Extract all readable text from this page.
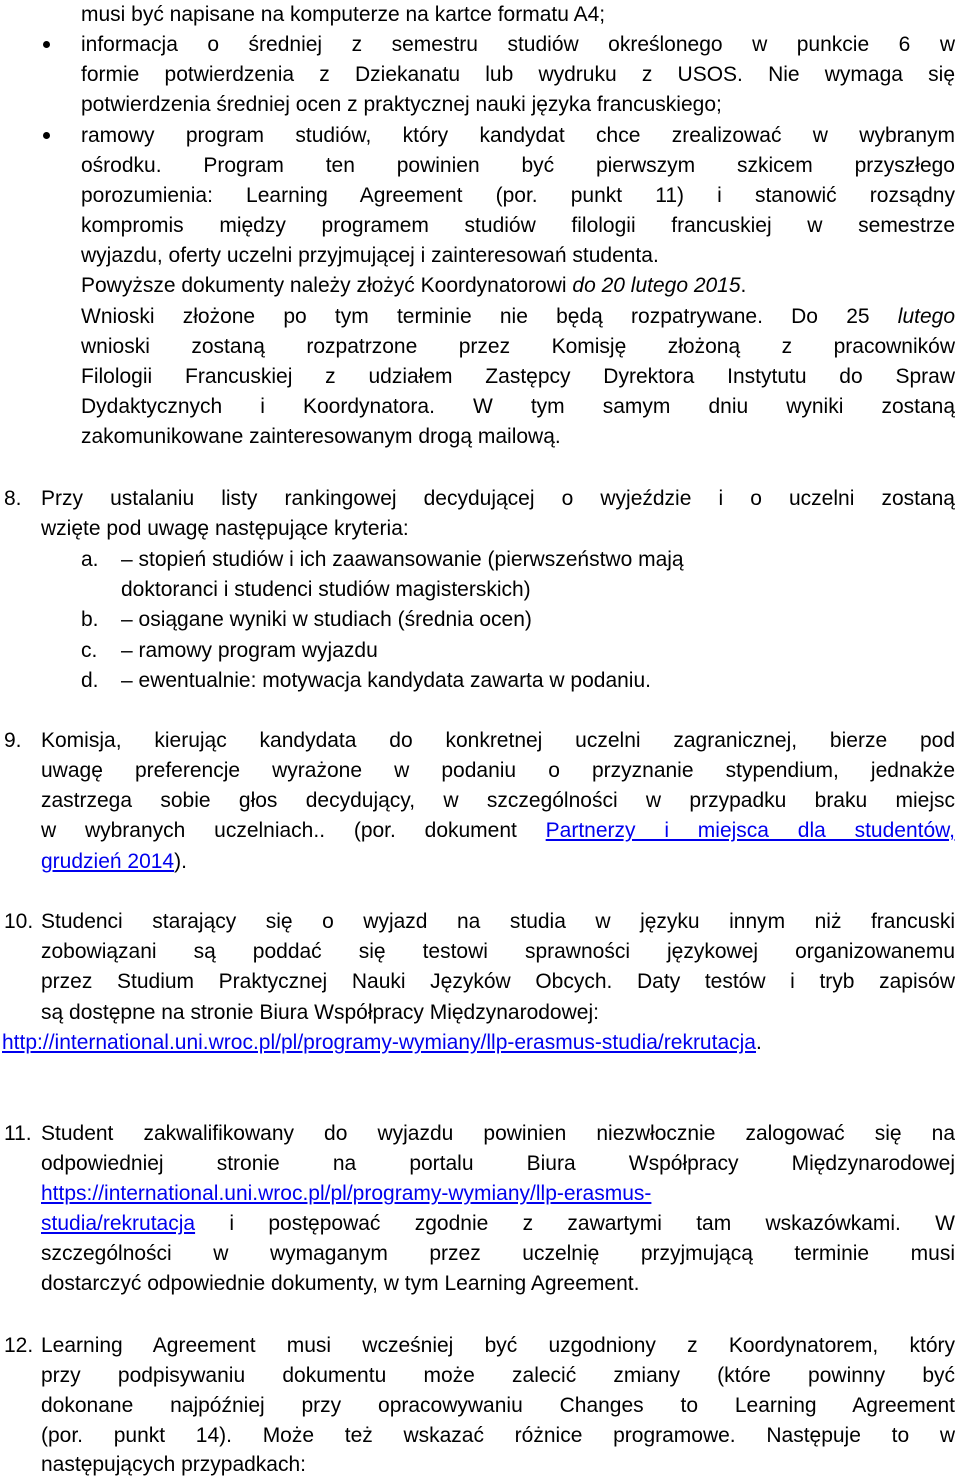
musi być napisane na komputerze na kartce formatu A4;
informacja o średniej z semestru studiów określonego w punkcie 6 w
formie potwierdzenia z Dziekanatu lub wydruku z USOS. Nie wymaga się
potwierdzenia średniej ocen z praktycznej nauki języka francuskiego;
ramowy program studiów, który kandydat chce zrealizować w wybranym
ośrodku. Program ten powinien być pierwszym szkicem przyszłego
porozumienia: Learning Agreement (por. punkt 11) i stanowić rozsądny
kompromis między programem studiów filologii francuskiej w semestrze
wyjazdu, oferty uczelni przyjmującej i zainteresowań studenta.
Powyższe dokumenty należy złożyć Koordynatorowi do 20 lutego 2015.
Wnioski złożone po tym terminie nie będą rozpatrywane. Do 25 lutego
wnioski zostaną rozpatrzone przez Komisję złożoną z pracowników
Filologii Francuskiej z udziałem Zastępcy Dyrektora Instytutu do Spraw
Dydaktycznych i Koordynatora. W tym samym dniu wyniki zostaną
zakomunikowane zainteresowanym drogą mailową.
8. Przy ustalaniu listy rankingowej decydującej o wyjeździe i o uczelni zostaną
wzięte pod uwagę następujące kryteria:
a. – stopień studiów i ich zaawansowanie (pierwszeństwo mają
doktoranci i studenci studiów magisterskich)
b. – osiągane wyniki w studiach (średnia ocen)
c. – ramowy program wyjazdu
d. – ewentualnie: motywacja kandydata zawarta w podaniu.
9. Komisja, kierując kandydata do konkretnej uczelni zagranicznej, bierze pod
uwagę preferencje wyrażone w podaniu o przyznanie stypendium, jednakże
zastrzega sobie głos decydujący, w szczególności w przypadku braku miejsc
w wybranych uczelniach.. (por. dokument Partnerzy i miejsca dla studentów,
grudzień 2014).
10. Studenci starający się o wyjazd na studia w języku innym niż francuski
zobowiązani są poddać się testowi sprawności językowej organizowanemu
przez Studium Praktycznej Nauki Języków Obcych. Daty testów i tryb zapisów
są dostępne na stronie Biura Współpracy Międzynarodowej:
http://international.uni.wroc.pl/pl/programy-wymiany/llp-erasmus-studia/rekrutacja.
11. Student zakwalifikowany do wyjazdu powinien niezwłocznie zalogować się na
odpowiedniej stronie na portalu Biura Współpracy Międzynarodowej
https://international.uni.wroc.pl/pl/programy-wymiany/llp-erasmus-
studia/rekrutacja i postępować zgodnie z zawartymi tam wskazówkami. W
szczególności w wymaganym przez uczelnię przyjmującą terminie musi
dostarczyć odpowiednie dokumenty, w tym Learning Agreement.
12. Learning Agreement musi wcześniej być uzgodniony z Koordynatorem, który
przy podpisywaniu dokumentu może zalecić zmiany (które powinny być
dokonane najpóźniej przy opracowywaniu Changes to Learning Agreement
(por. punkt 14). Może też wskazać różnice programowe. Następuje to w
następujących przypadkach:
